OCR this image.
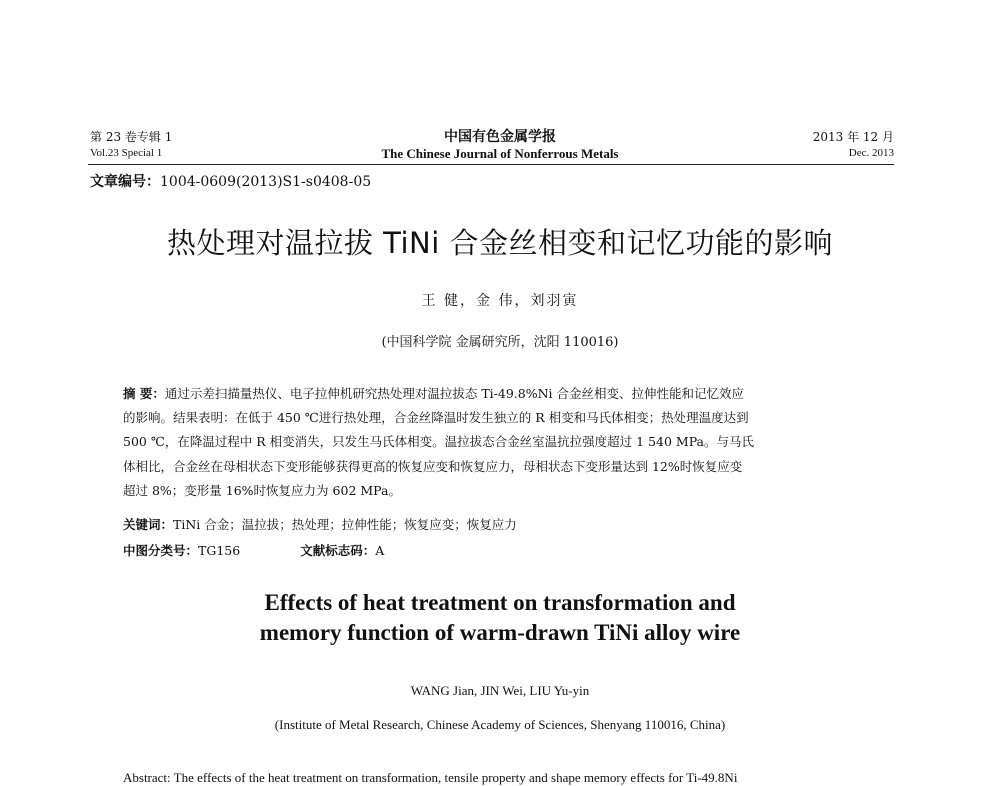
第 23 卷专辑 1
Vol.23 Special 1
中国有色金属学报
The Chinese Journal of Nonferrous Metals
2013 年 12 月
Dec. 2013
文章编号：1004-0609(2013)S1-s0408-05
热处理对温拉拔 TiNi 合金丝相变和记忆功能的影响
王 健，金 伟，刘羽寅
(中国科学院 金属研究所，沈阳 110016)
摘 要：通过示差扫描量热仪、电子拉伸机研究热处理对温拉拔态 Ti-49.8%Ni 合金丝相变、拉伸性能和记忆效应
的影响。结果表明：在低于 450 ℃进行热处理，合金丝降温时发生独立的 R 相变和马氏体相变；热处理温度达到
500 ℃，在降温过程中 R 相变消失，只发生马氏体相变。温拉拔态合金丝室温抗拉强度超过 1 540 MPa。与马氏
体相比，合金丝在母相状态下变形能够获得更高的恢复应变和恢复应力，母相状态下变形量达到 12%时恢复应变
超过 8%；变形量 16%时恢复应力为 602 MPa。
关键词：TiNi 合金；温拉拔；热处理；拉伸性能；恢复应变；恢复应力
中图分类号：TG156	文献标志码：A
Effects of heat treatment on transformation and
memory function of warm-drawn TiNi alloy wire
WANG Jian, JIN Wei, LIU Yu-yin
(Institute of Metal Research, Chinese Academy of Sciences, Shenyang 110016, China)
Abstract: The effects of the heat treatment on transformation, tensile property and shape memory effects for Ti-49.8Ni
